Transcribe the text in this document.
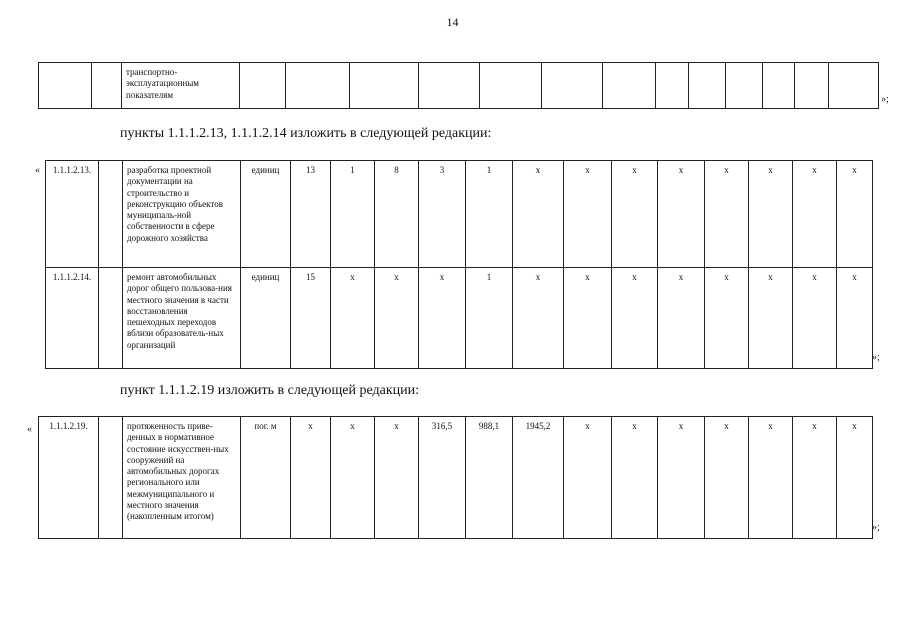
14
		транспортно-эксплуатационным показателям														»;
пункты 1.1.1.2.13, 1.1.1.2.14 изложить в следующей редакции:
« 1.1.1.2.13.		разработка проектной документации на строительство и реконструкцию объектов муниципаль-ной собственности в сфере дорожного хозяйства	единиц	13	1	8	3	1	х	х	х	х	х	х	х	х
1.1.1.2.14.		ремонт автомобильных дорог общего пользова-ния местного значения в части восстановления пешеходных переходов вблизи образователь-ных организаций	единиц	15	х	х	х	1	х	х	х	х	х	х	х	х
»;
пункт 1.1.1.2.19 изложить в следующей редакции:
« 1.1.1.2.19.		протяженность приве-денных в нормативное состояние искусствен-ных сооружений на автомобильных дорогах регионального или межмуниципального и местного значения (накопленным итогом)	пог. м	х	х	х	316,5	988,1	1945,2	х	х	х	х	х	х	х
»;
